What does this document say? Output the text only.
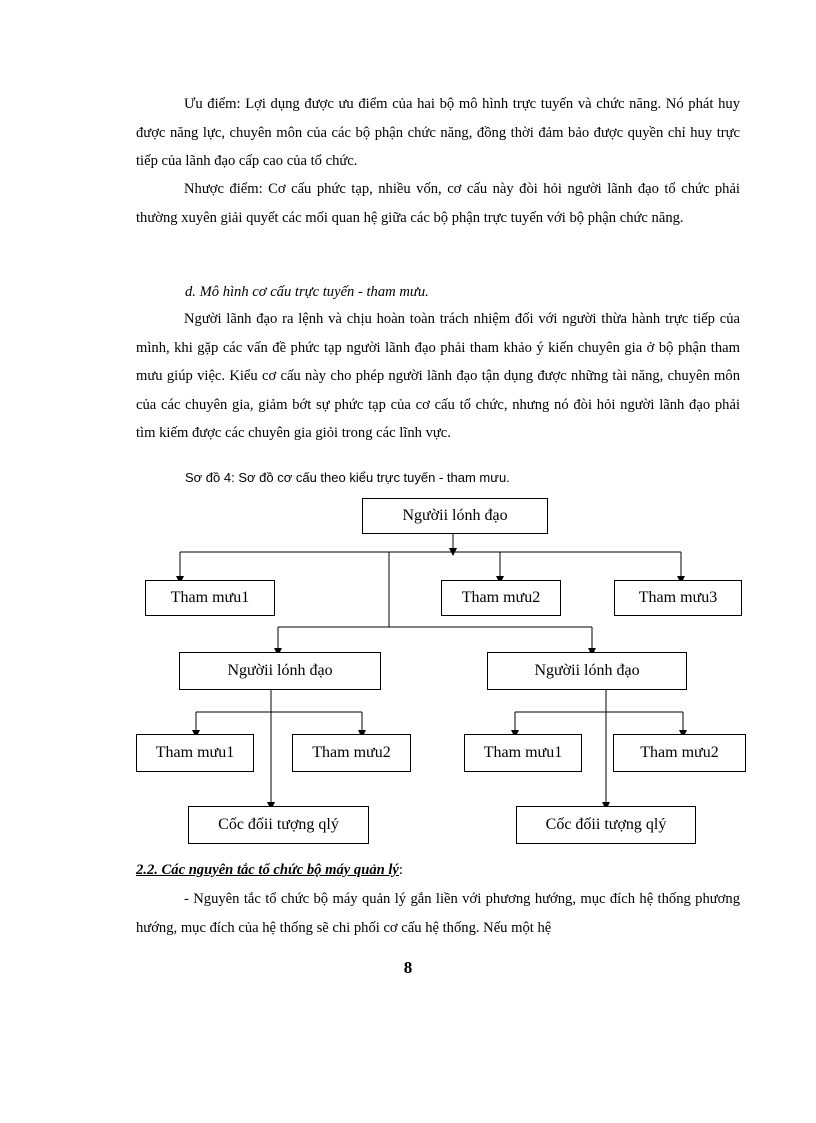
Ưu điểm: Lợi dụng được ưu điểm của hai bộ mô hình trực tuyến và chức năng. Nó phát huy được năng lực, chuyên môn của các bộ phận chức năng, đồng thời đảm bảo được quyền chỉ huy trực tiếp của lãnh đạo cấp cao của tổ chức.

Nhược điểm: Cơ cấu phức tạp, nhiều vốn, cơ cấu này đòi hỏi người lãnh đạo tổ chức phải thường xuyên giải quyết các mối quan hệ giữa các bộ phận trực tuyến với bộ phận chức năng.

d. Mô hình cơ cấu trực tuyến - tham mưu.

Người lãnh đạo ra lệnh và chịu hoàn toàn trách nhiệm đối với người thừa hành trực tiếp của mình, khi gặp các vấn đề phức tạp người lãnh đạo phải tham khảo ý kiến chuyên gia ở bộ phận tham mưu giúp việc. Kiểu cơ cấu này cho phép người lãnh đạo tận dụng được những tài năng, chuyên môn của các chuyên gia, giảm bớt sự phức tạp của cơ cấu tổ chức, nhưng nó đòi hỏi người lãnh đạo phải tìm kiếm được các chuyên gia giỏi trong các lĩnh vực.

Sơ đồ 4: Sơ đồ cơ cấu theo kiểu trực tuyến - tham mưu.

Ngườii lónh đạo
Tham mưu1	Tham mưu2	Tham mưu3
Ngườii lónh đạo	Ngườii lónh đạo
Tham mưu1	Tham mưu2	Tham mưu1	Tham mưu2
Cốc đốii tượng qlý	Cốc đốii tượng qlý

2.2. Các nguyên tắc tổ chức bộ máy quản lý:

- Nguyên tắc tổ chức bộ máy quản lý gắn liền với phương hướng, mục đích hệ thống phương hướng, mục đích của hệ thống sẽ chi phối cơ cấu hệ thống. Nếu một hệ

8
